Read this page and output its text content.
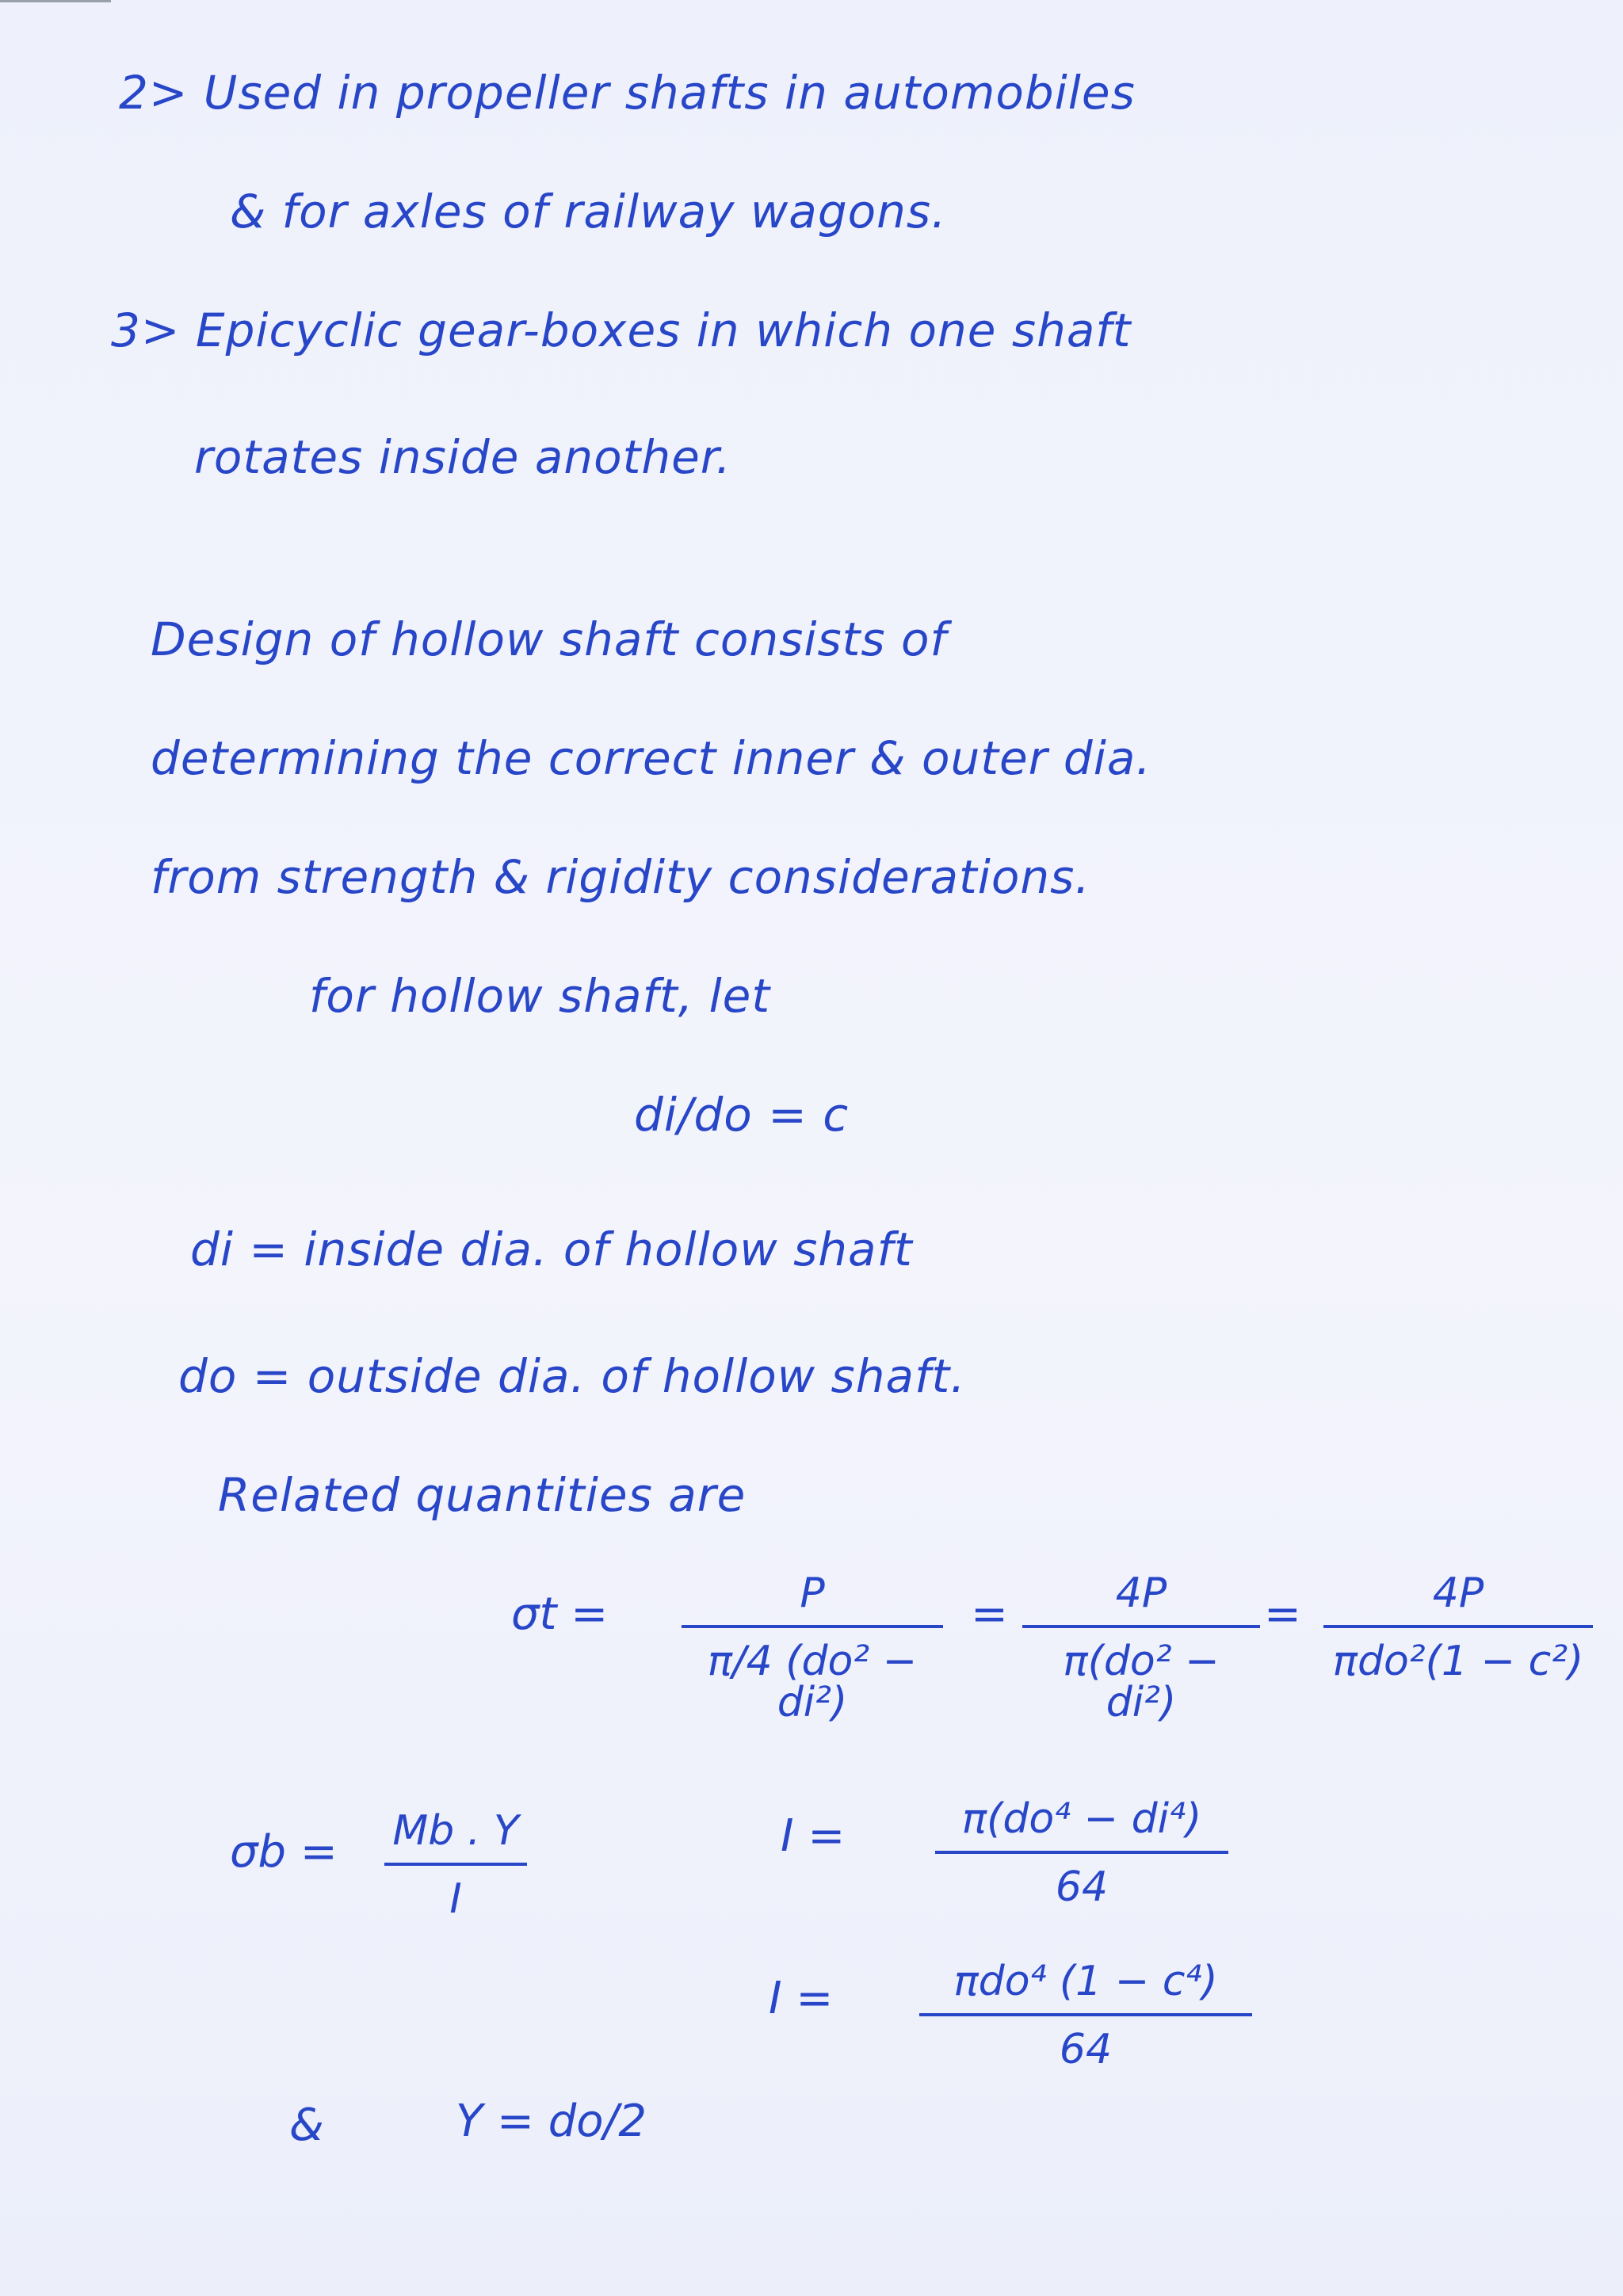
2> Used in propeller shafts in automobiles
& for axles of railway wagons.
3> Epicyclic gear-boxes in which one shaft
rotates inside another.
Design of hollow shaft consists of
determining the correct inner & outer dia.
from strength & rigidity considerations.
for hollow shaft, let
di/do = c
di = inside dia. of hollow shaft
do = outside dia. of hollow shaft.
Related quantities are
$\sigma t = \frac{P}{\text{π/4 (do² − di²)}} = \frac{4P}{\text{π(do² − di²)}}$ =	4P
πdo²(1 − c²)
$\sigma b = \frac{Mb . Y}{I}$	$I = \frac{\text{π(do⁴ − di⁴)}}{64}$
I =	πdo⁴ (1 − c⁴)
64
&	Y = do/2
